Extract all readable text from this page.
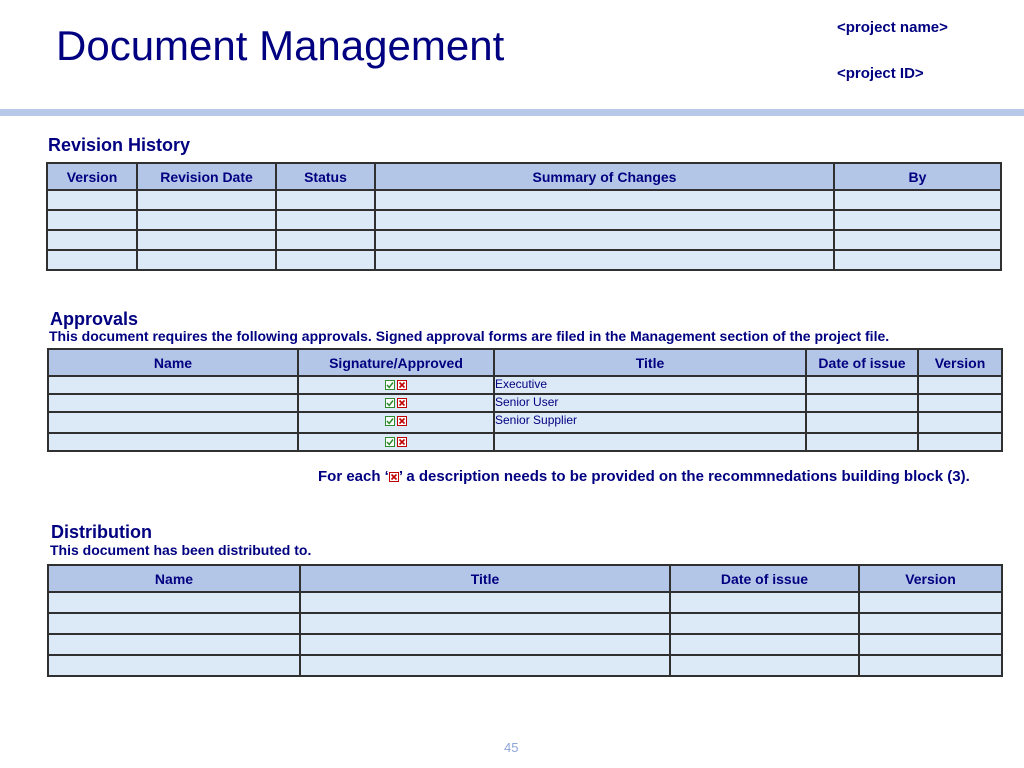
Document Management	<project name>
<project ID>
Revision History
Version	Revision Date	Status	Summary of Changes	By

Approvals
This document requires the following approvals. Signed approval forms are filed in the Management section of the project file.
Name	Signature/Approved	Title	Date of issue	Version
		Executive		
		Senior User		
		Senior Supplier		

For each ‘☒’ a description needs to be provided on the recommnedations building block (3).
Distribution
This document has been distributed to.
Name	Title	Date of issue	Version

45
